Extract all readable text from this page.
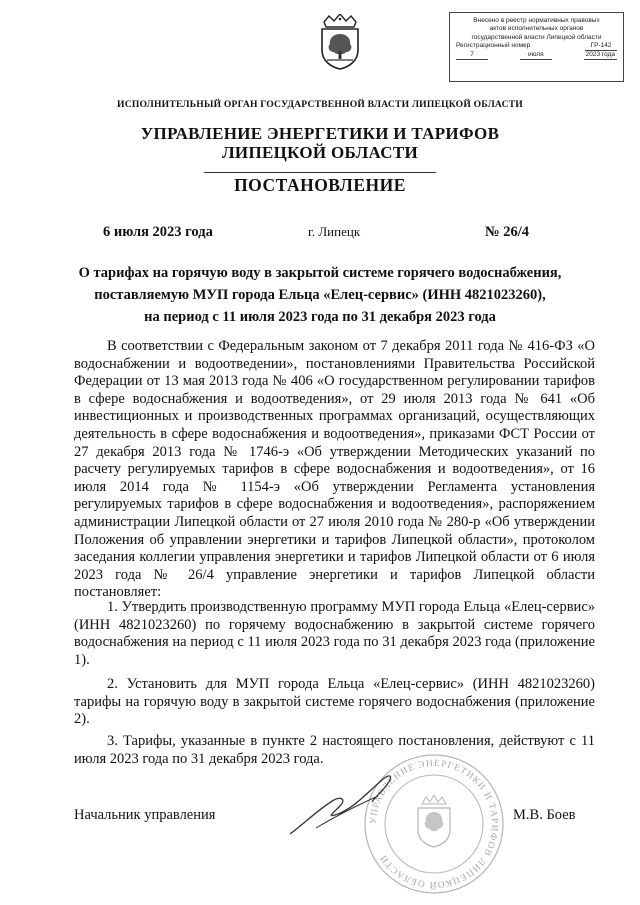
Внесено в реестр нормативных правовых
актов исполнительных органов
государственной власти Липецкой области
Регистрационный номер	ГР-142
7	июля	2023 года
ИСПОЛНИТЕЛЬНЫЙ ОРГАН ГОСУДАРСТВЕННОЙ ВЛАСТИ ЛИПЕЦКОЙ ОБЛАСТИ
УПРАВЛЕНИЕ ЭНЕРГЕТИКИ И ТАРИФОВ
ЛИПЕЦКОЙ ОБЛАСТИ
ПОСТАНОВЛЕНИЕ
6 июля 2023 года	г. Липецк	№ 26/4
О тарифах на горячую воду в закрытой системе горячего водоснабжения,
поставляемую МУП города Ельца «Елец-сервис» (ИНН 4821023260),
на период с 11 июля 2023 года по 31 декабря 2023 года

В соответствии с Федеральным законом от 7 декабря 2011 года № 416-ФЗ «О водоснабжении и водоотведении», постановлениями Правительства Российской Федерации от 13 мая 2013 года № 406 «О государственном регулировании тарифов в сфере водоснабжения и водоотведения», от 29 июля 2013 года № 641 «Об инвестиционных и производственных программах организаций, осуществляющих деятельность в сфере водоснабжения и водоотведения», приказами ФСТ России от 27 декабря 2013 года № 1746-э «Об утверждении Методических указаний по расчету регулируемых тарифов в сфере водоснабжения и водоотведения», от 16 июля 2014 года № 1154-э «Об утверждении Регламента установления регулируемых тарифов в сфере водоснабжения и водоотведения», распоряжением администрации Липецкой области от 27 июля 2010 года № 280-р «Об утверждении Положения об управлении энергетики и тарифов Липецкой области», протоколом заседания коллегии управления энергетики и тарифов Липецкой области от 6 июля 2023 года № 26/4 управление энергетики и тарифов Липецкой области постановляет:

1. Утвердить производственную программу МУП города Ельца «Елец-сервис» (ИНН 4821023260) по горячему водоснабжению в закрытой системе горячего водоснабжения на период с 11 июля 2023 года по 31 декабря 2023 года (приложение 1).

2. Установить для МУП города Ельца «Елец-сервис» (ИНН 4821023260) тарифы на горячую воду в закрытой системе горячего водоснабжения (приложение 2).

3. Тарифы, указанные в пункте 2 настоящего постановления, действуют с 11 июля 2023 года по 31 декабря 2023 года.

УПРАВЛЕНИЕ ЭНЕРГЕТИКИ И ТАРИФОВ ЛИПЕЦКОЙ ОБЛАСТИ
Начальник управления	М.В. Боев
